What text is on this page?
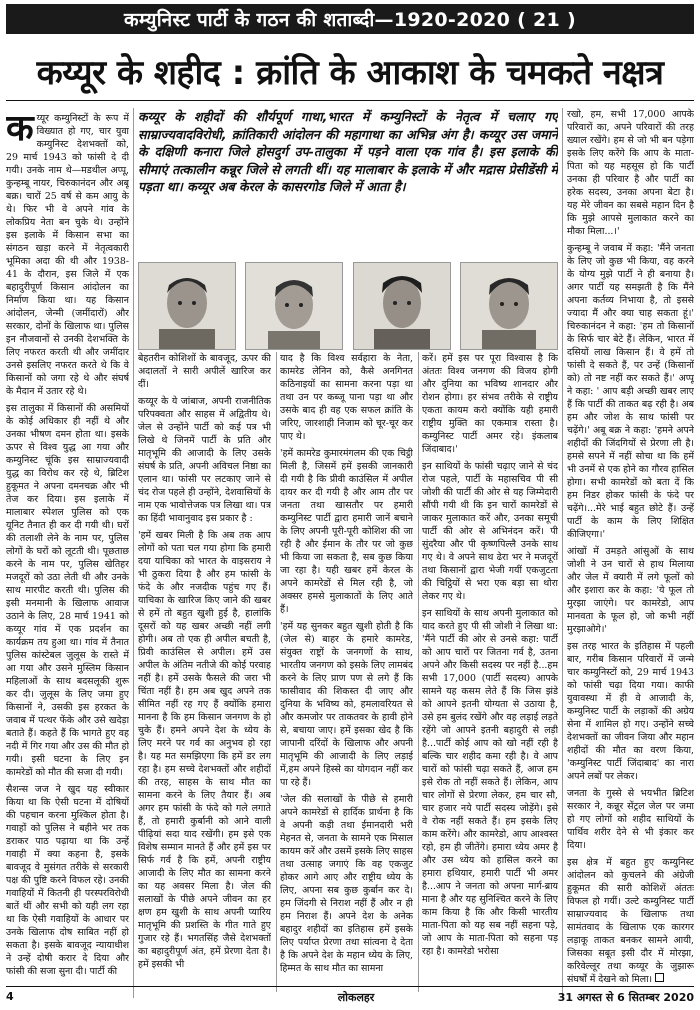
कम्युनिस्ट पार्टी के गठन की शताब्दी—1920-2020 ( 21 )
कय्यूर के शहीद : क्रांति के आकाश के चमकते नक्षत्र

कय्यूर कम्युनिस्टों के रूप में विख्यात हो गए, चार युवा कम्युनिस्ट देशभक्तों को, 29 मार्च 1943 को फांसी दे दी गयी। उनके नाम थे—मडथील अप्पू, कुन्हम्बू नायर, चिरुकानंदन और अबू बक्र। चारों 25 वर्ष से कम आयु के थे। फिर भी वे अपने गांव के लोकप्रिय नेता बन चुके थे। उन्होंने इस इलाके में किसान सभा का संगठन खड़ा करने में नेतृत्वकारी भूमिका अदा की थी और 1938-41 के दौरान, इस जिले में एक बहादुरीपूर्ण किसान आंदोलन का निर्माण किया था। यह किसान आंदोलन, जेन्मी (जमींदारों) और सरकार, दोनों के खिलाफ था। पुलिस इन नौजवानों से उनकी देशभक्ति के लिए नफरत करती थी और जमींदार उनसे इसलिए नफरत करते थे कि वे किसानों को जगा रहे थे और संघर्ष के मैदान में उतार रहे थे।

इस तालुका में किसानों की असमियों के कोई अधिकार ही नहीं थे और उनका भीषण दमन होता था। इसके ऊपर से विश्व युद्ध आ गया और कम्युनिस्ट चूंकि इस साम्राज्यवादी युद्ध का विरोध कर रहे थे, ब्रिटिश हुकूमत ने अपना दमनचक्र और भी तेज कर दिया। इस इलाके में मालाबार स्पेशल पुलिस को एक यूनिट तैनात ही कर दी गयी थी। घरों की तलाशी लेने के नाम पर, पुलिस लोगों के घरों को लूटती थी। पूछताछ करने के नाम पर, पुलिस खेतिहर मजदूरों को उठा लेती थी और उनके साथ मारपीट करती थी। पुलिस की इसी मनमानी के खिलाफ आवाज उठाने के लिए, 28 मार्च 1941 को कय्यूर गांव में एक प्रदर्शन का कार्यक्रम तय हुआ था। गांव में तैनात पुलिस कांस्टेबल जुलूस के रास्ते में आ गया और उसने मुस्लिम किसान महिलाओं के साथ बदसलूकी शुरू कर दी। जुलूस के लिए जमा हुए किसानों ने, उसकी इस हरकत के जवाब में पत्थर फेंके और उसे खदेड़ा बताते हैं। कहते हैं कि भागते हुए वह नदी में गिर गया और उस की मौत हो गयी। इसी घटना के लिए इन कामरेडों को मौत की सजा दी गयी।

सैशन्स जज ने खुद यह स्वीकार किया था कि ऐसी घटना में दोषियों की पहचान करना मुश्किल होता है। गवाहों को पुलिस ने बहीने भर तक डराकर पाठ पढ़ाया था कि उन्हें गवाही में क्या कहना है, इसके बावजूद वे मुसंगत तरीके से सरकारी पक्ष की पुष्टि करने विफल रहे। उनकी गवाहियों में कितनी ही परस्परविरोधी बातें थीं और सभी को यही लग रहा था कि ऐसी गवाहियों के आधार पर उनके खिलाफ दोष साबित नहीं हो सकता है। इसके बावजूद न्यायाधीश ने उन्हें दोषी करार दे दिया और फांसी की सजा सुना दी। पार्टी की

कय्यूर के शहीदों की शौर्यपूर्ण गाथा,भारत में कम्युनिस्टों के नेतृत्व में चलाए गए साम्राज्यवादविरोधी, क्रांतिकारी आंदोलन की महागाथा का अभिन्न अंग है। कय्यूर उस जमाने के दक्षिणी कनारा जिले होसदुर्ग उप-तालुका में पड़ने वाला एक गांव है। इस इलाके की सीमाएं तत्कालीन कन्नूर जिले से लगती थीं। यह मालाबार के इलाके में और मद्रास प्रेसीडेंसी में पड़ता था। कय्यूर अब केरल के कासरगोड जिले में आता है।

बेहतरीन कोशिशों के बावजूद, ऊपर की अदालतों ने सारी अपीलें खारिज कर दीं।

कय्यूर के ये जांबाज, अपनी राजनीतिक परिपक्वता और साहस में अद्वितीय थे। जेल से उन्होंने पार्टी को कई पत्र भी लिखे थे जिनमें पार्टी के प्रति और मातृभूमि की आजादी के लिए उसके संघर्ष के प्रति, अपनी अविचल निष्ठा का एलान था। फांसी पर लटकाए जाने से चंद रोज पहले ही उन्होंने, देशवासियों के नाम एक भावोत्तेजक पत्र लिखा था। पत्र का हिंदी भावानुवाद इस प्रकार है :

'हमें खबर मिली है कि अब तक आप लोगों को पता चल गया होगा कि हमारी दया याचिका को भारत के वाइसराय ने भी ठुकरा दिया है और हम फांसी के फंदे के और नजदीक पहुंच गए हैं। याचिका के खारिज किए जाने की खबर से हमें तो बहुत खुशी हुई है, हालांकि दूसरों को यह खबर अच्छी नहीं लगी होगी। अब तो एक ही अपील बचती है, प्रिवी काउंसिल से अपील। हमें उस अपील के अंतिम नतीजे की कोई परवाह नहीं है। हमें उसके फैसले की जरा भी चिंता नहीं है। हम अब खुद अपने तक सीमित नहीं रह गए हैं क्योंकि हमारा मानना है कि हम किसान जनगण के हो चुके हैं। हमने अपने देश के ध्येय के लिए मरने पर गर्व का अनुभव हो रहा है। यह मत समझिएगा कि हमें डर लग रहा है। हम सच्चे देशभक्तों और शहीदों की तरह, साहस के साथ मौत का सामना करने के लिए तैयार हैं। अब अगर हम फांसी के फंदे को गले लगाते हैं, तो हमारी कुर्बानी को आने वाली पीढ़ियां सदा याद रखेंगी। हम इसे एक विशेष सम्मान मानते हैं और हमें इस पर सिर्फ गर्व है कि हमें, अपनी राष्ट्रीय आजादी के लिए मौत का सामना करने का यह अवसर मिला है। जेल की सलाखों के पीछे अपने जीवन का हर क्षण हम खुशी के साथ अपनी प्यारिय मातृभूमि की प्रशस्ति के गीत गाते हुए गुजार रहे हैं। भगतसिंह जैसे देशभक्तों का बहादुरीपूर्ण अंत, हमें प्रेरणा देता है। हमें इसकी भी

याद है कि विश्व सर्वहारा के नेता, कामरेड लेनिन को, कैसे अनगिनत कठिनाइयों का सामना करना पड़ा था तथा उन पर कब्जू पाना पड़ा था और उसके बाद ही वह एक सफल क्रांति के जरिए, जारशाही निजाम को चूर-चूर कर पाए थे।

'हमें कामरेड कुमारमंगलम की एक चिट्ठी मिली है, जिसमें हमें इसकी जानकारी दी गयी है कि प्रीवी काउंसिल में अपील दायर कर दी गयी है और आम तौर पर जनता तथा खासतौर पर हमारी कम्युनिस्ट पार्टी द्वारा हमारी जानें बचाने के लिए अपनी पूरी-पूरी कोशिश की जा रही है और ईमान के तौर पर जो कुछ भी किया जा सकता है, सब कुछ किया जा रहा है। यही खबर हमें केरल के अपने कामरेडों से मिल रही है, जो अक्सर हमसे मुलाकातों के लिए आते हैं।

'हमें यह सुनकर बहुत खुशी होती है कि (जेल से) बाहर के हमारे कामरेड, संयुक्त राष्ट्रों के जनगणों के साथ, भारतीय जनगण को इसके लिए लामबंद करने के लिए प्राण पण से लगे हैं कि फासीवाद की शिकस्त दी जाए और दुनिया के भविष्य को, हमलावरियत से और कमजोर पर ताकतवर के हावी होने से, बचाया जाए। हमें इसका खेद है कि जापानी दरिंदों के खिलाफ और अपनी मातृभूमि की आजादी के लिए लड़ाई में,हम अपने हिस्से का योगदान नहीं कर पा रहे हैं।

'जेल की सलाखों के पीछे से हमारी अपने कामरेडों से हार्दिक प्रार्थना है कि वे अपनी कड़ी तथा ईमानदारी भरी मेहनत से, जनता के सामने एक मिसाल कायम करें और उसमें इसके लिए साहस तथा उत्साह जगाएं कि वह एकजुट होकर आगे आए और राष्ट्रीय ध्येय के लिए, अपना सब कुछ कुर्बान कर दे। हम जिंदगी से निराश नहीं हैं और न ही हम निराश हैं। अपने देश के अनेक बहादुर शहीदों का इतिहास हमें इसके लिए पर्याप्त प्रेरणा तथा सांत्वना दे देता है कि अपने देश के महान ध्येय के लिए, हिम्मत के साथ मौत का सामना

करें। हमें इस पर पूरा विश्वास है कि अंततः विश्व जनगण की विजय होगी और दुनिया का भविष्य शानदार और रोशन होगा। हर संभव तरीके से राष्ट्रीय एकता कायम करो क्योंकि यही हमारी राष्ट्रीय मुक्ति का एकमात्र रास्ता है। कम्युनिस्ट पार्टी अमर रहे। इंकलाब जिंदाबाद।'

इन साथियों के फांसी चढ़ाए जाने से चंद रोज पहले, पार्टी के महासचिव पी सी जोशी की पार्टी की ओर से यह जिम्मेदारी सौंपी गयी थी कि इन चारों कामरेडों से जाकर मुलाकात करें और, उनका समूची पार्टी की ओर से अभिनंदन करें। पी सुंदरैया और पी कृष्णपिल्लै उनके साथ गए थे। वे अपने साथ ढेरा भर ने मजदूरों तथा किसानों द्वारा भेजी गयीं एकजुटता की चिट्ठियों से भरा एक बड़ा सा थोरा लेकर गए थे।

इन साथियों के साथ अपनी मुलाकात को याद करते हुए पी सी जोशी ने लिखा था: 'मैंने पार्टी की ओर से उनसे कहा: पार्टी को आप चारों पर जितना गर्व है, उतना अपने और किसी सदस्य पर नहीं है...हम सभी 17,000 (पार्टी सदस्य) आपके सामने यह कसम लेते हैं कि जिस झंडे को आपने इतनी योग्यता से उठाया है, उसे हम बुलंद रखेंगे और वह लड़ाई लड़ते रहेंगे जो आपने इतनी बहादुरी से लड़ी है...पार्टी कोई आप को खो नहीं रही है बल्कि चार शहीद कमा रही है। वे आप चारों को फांसी चढ़ा सकते हैं, आज हम इसे रोक तो नहीं सकते हैं। लेकिन, आप चार लोगों से प्रेरणा लेकर, हम चार सौ, चार हजार नये पार्टी सदस्य जोड़ेंगे। इसे वे रोक नहीं सकते हैं। हम इसके लिए काम करेंगे। और कामरेडो, आप आश्वस्त रहो, हम ही जीतेंगे। हमारा ध्येय अमर है और उस ध्येय को हासिल करने का हमारा हथियार, हमारी पार्टी भी अमर है...आप ने जनता को अपना मार्ग-ब्राय माना है और यह सुनिश्चित करने के लिए काम किया है कि और किसी भारतीय माता-पिता को यह सब नहीं सहना पड़े, जो आप के माता-पिता को सहना पड़ रहा है। कामरेडो भरोसा

रखो, हम, सभी 17,000 आपके परिवारों का, अपने परिवारों की तरह ख्याल रखेंगे। हम से जो भी बन पड़ेगा इसके लिए करेंगे कि आप के माता-पिता को यह महसूस हो कि पार्टी उनका ही परिवार है और पार्टी का हरेक सदस्य, उनका अपना बेटा है। यह मेरे जीवन का सबसे महान दिन है कि मुझे आपसे मुलाकात करने का मौका मिला...।'

कुन्हम्बू ने जवाब में कहा: 'मैंने जनता के लिए जो कुछ भी किया, वह करने के योग्य मुझे पार्टी ने ही बनाया है। अगर पार्टी यह समझती है कि मैंने अपना कर्तव्य निभाया है, तो इससे ज्यादा मैं और क्या चाह सकता हूं।' चिरुकानंदन ने कहा: 'हम तो किसानों के सिर्फ चार बेटे हैं। लेकिन, भारत में दसियों लाख किसान हैं। वे हमें तो फांसी दे सकते हैं, पर उन्हें (किसानों को) तो नष्ट नहीं कर सकते हैं।' अप्पू ने कहा: ' आप बड़ी अच्छी खबर लाए हैं कि पार्टी की ताकत बढ़ रही है। अब हम और जोश के साथ फांसी पर चढ़ेंगे।' अबू बक्र ने कहा: 'हमने अपने शहीदों की जिंदगियों से प्रेरणा ली है। हमसे सपने में नहीं सोचा था कि हमें भी उनमें से एक होने का गौरव हासिल होगा। सभी कामरेडों को बता दें कि हम निडर होकर फांसी के फंदे पर चढ़ेंगे।...मेरे भाई बहुत छोटे हैं। उन्हें पार्टी के काम के लिए शिक्षित कीजिएगा।'

आंखों में उमड़ते आंसुओं के साथ जोशी ने उन चारों से हाथ मिलाया और जेल में क्यारी में लगे फूलों को और इशारा कर के कहा: 'ये फूल तो मुरझा जाएंगे। पर कामरेडो, आप मानवता के फूल हो, जो कभी नहीं मुरझाओगे।'

इस तरह भारत के इतिहास में पहली बार, गरीब किसान परिवारों में जन्मे चार कम्युनिस्टों को, 29 मार्च 1943 को फांसी चढ़ा दिया गया। काफी युवावस्था में ही वे आजादी के, कम्युनिस्ट पार्टी के लड़ाकों की अग्रेय सेना में शामिल हो गए। उन्होंने सच्चे देशभक्तों का जीवन जिया और महान शहीदों की मौत का वरण किया, 'कम्युनिस्ट पार्टी जिंदाबाद' का नारा अपने लबों पर लेकर।

जनता के गुस्से से भयभीत ब्रिटिश सरकार ने, कन्नूर सेंट्रल जेल पर जमा हो गए लोगों को शहीद साथियों के पार्थिव शरीर देने से भी इंकार कर दिया।

इस क्षेत्र में बहुत हुए कम्युनिस्ट आंदोलन को कुचलने की अंग्रेजी हुकूमत की सारी कोशिशें अंततः विफल हो गयीं। उल्टे कम्युनिस्ट पार्टी साम्राज्यवाद के खिलाफ तथा सामंतवाद के खिलाफ एक कारगर लड़ाकू ताकत बनकर सामने आयी, जिसका सबूत इसी दौर में मोरझा, करिवेल्लूर तथा कय्यूर के जुझारू संघर्षों में देखने को मिला।

4	लोकलहर	31 अगस्त से 6 सितम्बर 2020
